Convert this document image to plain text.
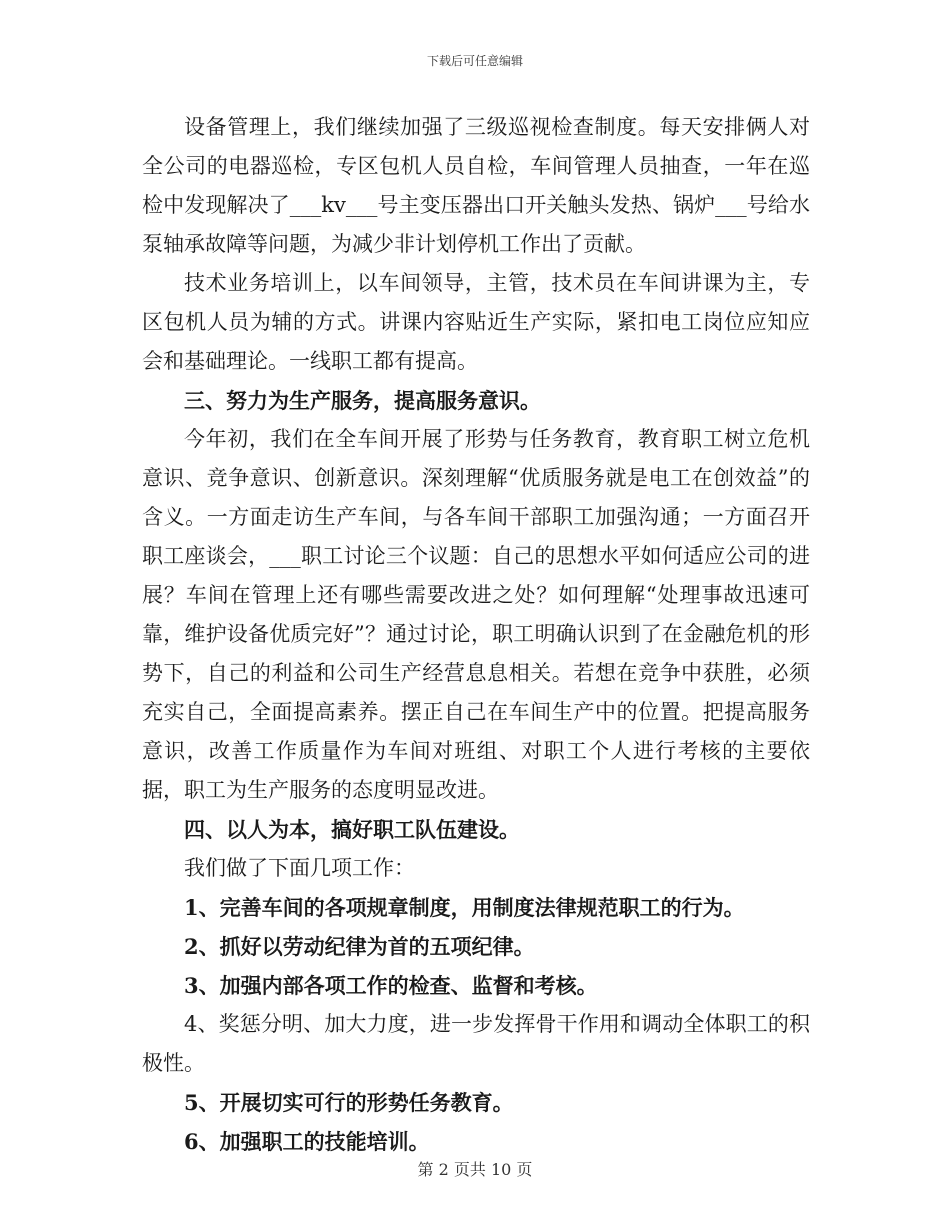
下载后可任意编辑

设备管理上，我们继续加强了三级巡视检查制度。每天安排俩人对全公司的电器巡检，专区包机人员自检，车间管理人员抽查，一年在巡检中发现解决了___kv___号主变压器出口开关触头发热、锅炉___号给水泵轴承故障等问题，为减少非计划停机工作出了贡献。

技术业务培训上，以车间领导，主管，技术员在车间讲课为主，专区包机人员为辅的方式。讲课内容贴近生产实际，紧扣电工岗位应知应会和基础理论。一线职工都有提高。

三、努力为生产服务，提高服务意识。

今年初，我们在全车间开展了形势与任务教育，教育职工树立危机意识、竞争意识、创新意识。深刻理解“优质服务就是电工在创效益”的含义。一方面走访生产车间，与各车间干部职工加强沟通；一方面召开职工座谈会，___职工讨论三个议题：自己的思想水平如何适应公司的进展？车间在管理上还有哪些需要改进之处？如何理解“处理事故迅速可靠，维护设备优质完好”？通过讨论，职工明确认识到了在金融危机的形势下，自己的利益和公司生产经营息息相关。若想在竞争中获胜，必须充实自己，全面提高素养。摆正自己在车间生产中的位置。把提高服务意识，改善工作质量作为车间对班组、对职工个人进行考核的主要依据，职工为生产服务的态度明显改进。

四、以人为本，搞好职工队伍建设。

我们做了下面几项工作：

1、完善车间的各项规章制度，用制度法律规范职工的行为。

2、抓好以劳动纪律为首的五项纪律。

3、加强内部各项工作的检查、监督和考核。

4、奖惩分明、加大力度，进一步发挥骨干作用和调动全体职工的积极性。

5、开展切实可行的形势任务教育。

6、加强职工的技能培训。

第 2 页共 10 页
